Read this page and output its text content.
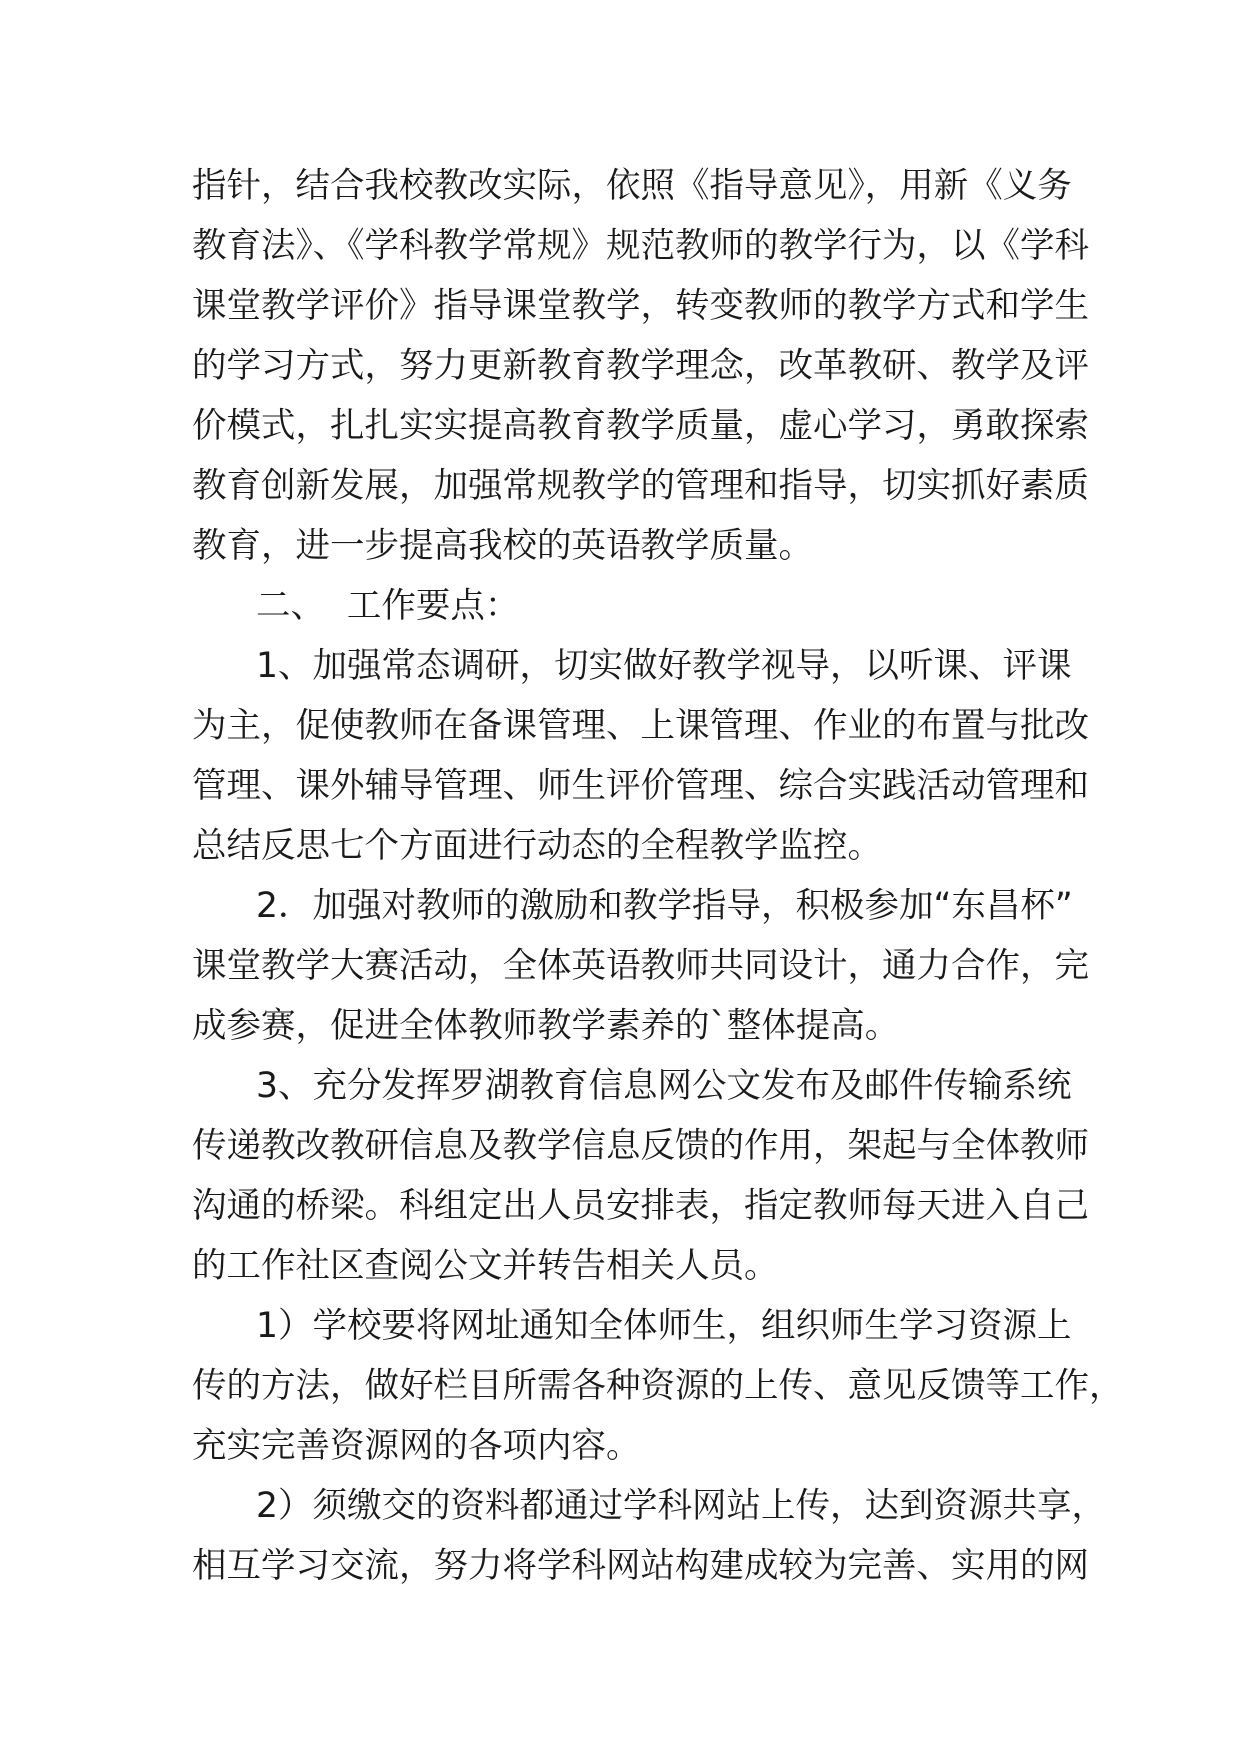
指针，结合我校教改实际，依照《指导意见》，用新《义务
教育法》、《学科教学常规》规范教师的教学行为，以《学科
课堂教学评价》指导课堂教学，转变教师的教学方式和学生
的学习方式，努力更新教育教学理念，改革教研、教学及评
价模式，扎扎实实提高教育教学质量，虚心学习，勇敢探索
教育创新发展，加强常规教学的管理和指导，切实抓好素质
教育，进一步提高我校的英语教学质量。
二、  工作要点：
1、加强常态调研，切实做好教学视导，以听课、评课
为主，促使教师在备课管理、上课管理、作业的布置与批改
管理、课外辅导管理、师生评价管理、综合实践活动管理和
总结反思七个方面进行动态的全程教学监控。
2．加强对教师的激励和教学指导，积极参加“东昌杯”
课堂教学大赛活动，全体英语教师共同设计，通力合作，完
成参赛，促进全体教师教学素养的`整体提高。
3、充分发挥罗湖教育信息网公文发布及邮件传输系统
传递教改教研信息及教学信息反馈的作用，架起与全体教师
沟通的桥梁。科组定出人员安排表，指定教师每天进入自己
的工作社区查阅公文并转告相关人员。
1）学校要将网址通知全体师生，组织师生学习资源上
传的方法，做好栏目所需各种资源的上传、意见反馈等工作，
充实完善资源网的各项内容。
2）须缴交的资料都通过学科网站上传，达到资源共享，
相互学习交流，努力将学科网站构建成较为完善、实用的网
